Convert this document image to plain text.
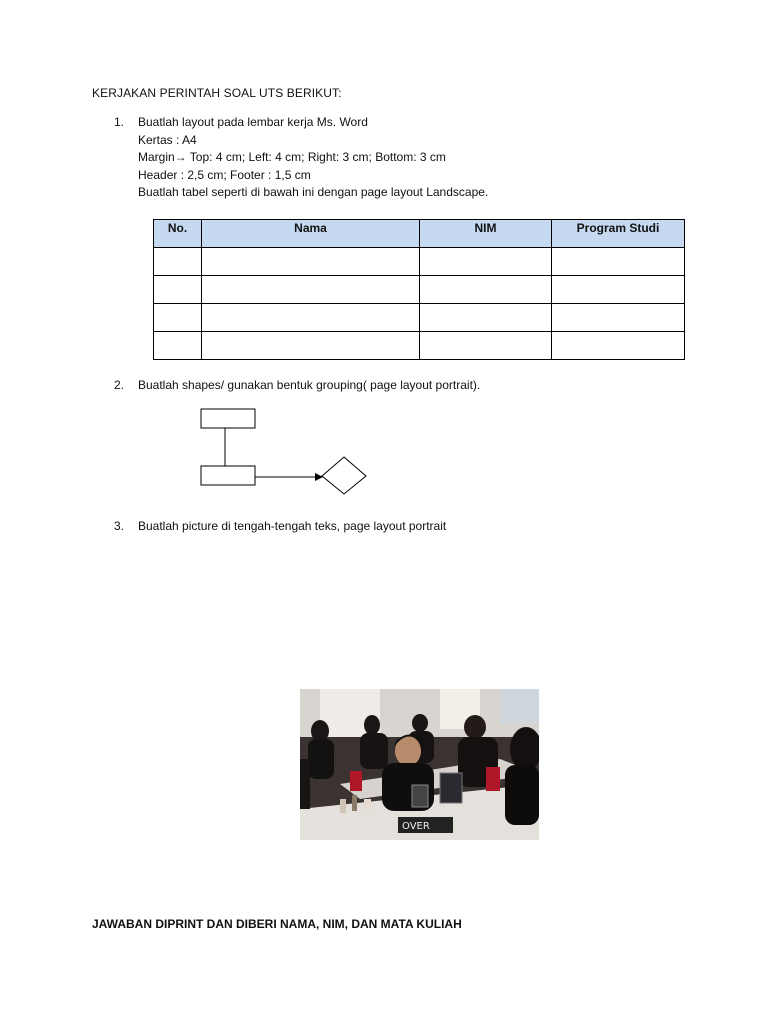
KERJAKAN PERINTAH SOAL UTS BERIKUT:
1. Buatlah layout pada lembar kerja Ms. Word
Kertas : A4
Margin→ Top: 4 cm; Left: 4 cm; Right: 3 cm; Bottom: 3 cm
Header : 2,5 cm; Footer : 1,5 cm
Buatlah tabel seperti di bawah ini dengan page layout Landscape.
No.	Nama	NIM	Program Studi

2. Buatlah shapes/ gunakan bentuk grouping( page layout portrait).
3. Buatlah picture di tengah-tengah teks, page layout portrait
OVER
JAWABAN DIPRINT DAN DIBERI NAMA, NIM, DAN MATA KULIAH
